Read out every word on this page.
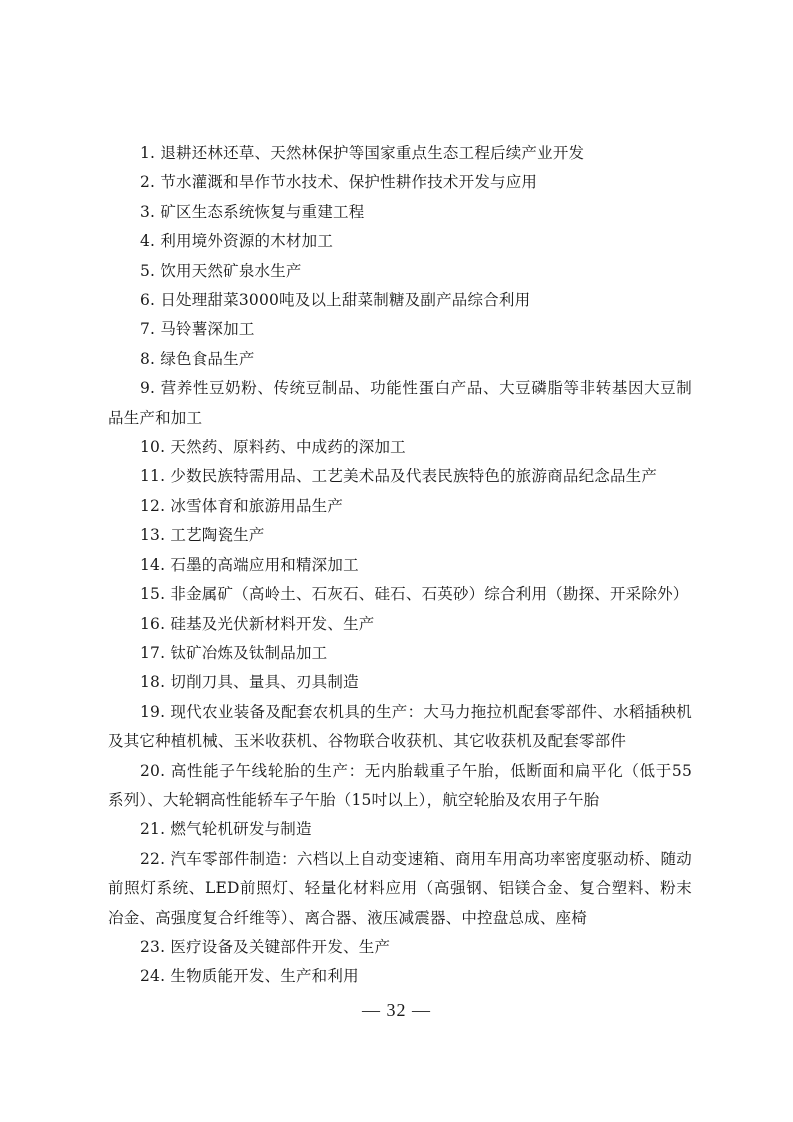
1. 退耕还林还草、天然林保护等国家重点生态工程后续产业开发

2. 节水灌溉和旱作节水技术、保护性耕作技术开发与应用

3. 矿区生态系统恢复与重建工程

4. 利用境外资源的木材加工

5. 饮用天然矿泉水生产

6. 日处理甜菜3000吨及以上甜菜制糖及副产品综合利用

7. 马铃薯深加工

8. 绿色食品生产

9. 营养性豆奶粉、传统豆制品、功能性蛋白产品、大豆磷脂等非转基因大豆制品生产和加工

10. 天然药、原料药、中成药的深加工

11. 少数民族特需用品、工艺美术品及代表民族特色的旅游商品纪念品生产

12. 冰雪体育和旅游用品生产

13. 工艺陶瓷生产

14. 石墨的高端应用和精深加工

15. 非金属矿（高岭土、石灰石、硅石、石英砂）综合利用（勘探、开采除外）

16. 硅基及光伏新材料开发、生产

17. 钛矿冶炼及钛制品加工

18. 切削刀具、量具、刃具制造

19. 现代农业装备及配套农机具的生产：大马力拖拉机配套零部件、水稻插秧机及其它种植机械、玉米收获机、谷物联合收获机、其它收获机及配套零部件

20. 高性能子午线轮胎的生产：无内胎载重子午胎，低断面和扁平化（低于55系列）、大轮辋高性能轿车子午胎（15吋以上），航空轮胎及农用子午胎

21. 燃气轮机研发与制造

22. 汽车零部件制造：六档以上自动变速箱、商用车用高功率密度驱动桥、随动前照灯系统、LED前照灯、轻量化材料应用（高强钢、铝镁合金、复合塑料、粉末冶金、高强度复合纤维等）、离合器、液压减震器、中控盘总成、座椅

23. 医疗设备及关键部件开发、生产

24. 生物质能开发、生产和利用

— 32 —
